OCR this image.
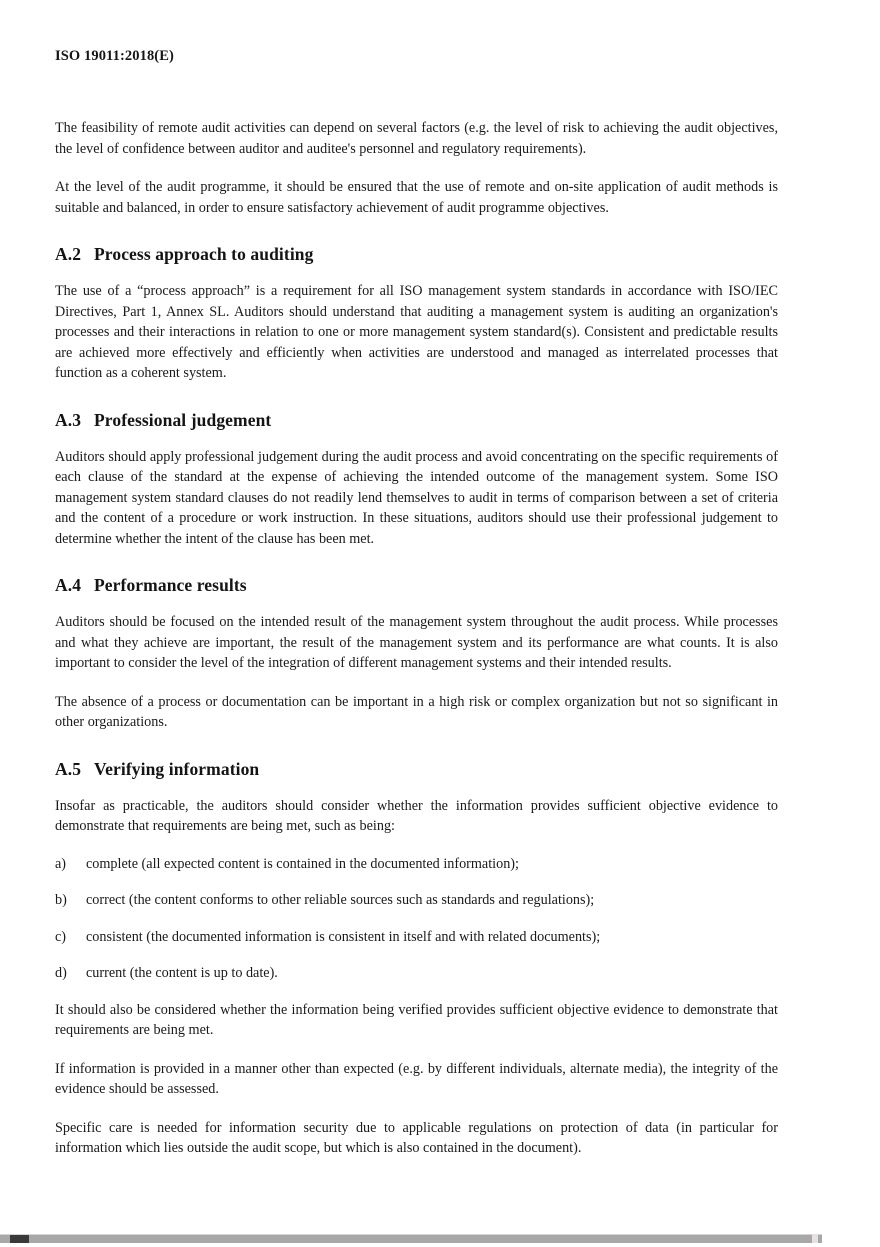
ISO 19011:2018(E)

The feasibility of remote audit activities can depend on several factors (e.g. the level of risk to achieving the audit objectives, the level of confidence between auditor and auditee's personnel and regulatory requirements).

At the level of the audit programme, it should be ensured that the use of remote and on-site application of audit methods is suitable and balanced, in order to ensure satisfactory achievement of audit programme objectives.

A.2 Process approach to auditing

The use of a “process approach” is a requirement for all ISO management system standards in accordance with ISO/IEC Directives, Part 1, Annex SL. Auditors should understand that auditing a management system is auditing an organization's processes and their interactions in relation to one or more management system standard(s). Consistent and predictable results are achieved more effectively and efficiently when activities are understood and managed as interrelated processes that function as a coherent system.

A.3 Professional judgement

Auditors should apply professional judgement during the audit process and avoid concentrating on the specific requirements of each clause of the standard at the expense of achieving the intended outcome of the management system. Some ISO management system standard clauses do not readily lend themselves to audit in terms of comparison between a set of criteria and the content of a procedure or work instruction. In these situations, auditors should use their professional judgement to determine whether the intent of the clause has been met.

A.4 Performance results

Auditors should be focused on the intended result of the management system throughout the audit process. While processes and what they achieve are important, the result of the management system and its performance are what counts. It is also important to consider the level of the integration of different management systems and their intended results.

The absence of a process or documentation can be important in a high risk or complex organization but not so significant in other organizations.

A.5 Verifying information

Insofar as practicable, the auditors should consider whether the information provides sufficient objective evidence to demonstrate that requirements are being met, such as being:

a)	complete (all expected content is contained in the documented information);
b)	correct (the content conforms to other reliable sources such as standards and regulations);
c)	consistent (the documented information is consistent in itself and with related documents);
d)	current (the content is up to date).

It should also be considered whether the information being verified provides sufficient objective evidence to demonstrate that requirements are being met.

If information is provided in a manner other than expected (e.g. by different individuals, alternate media), the integrity of the evidence should be assessed.

Specific care is needed for information security due to applicable regulations on protection of data (in particular for information which lies outside the audit scope, but which is also contained in the document).
